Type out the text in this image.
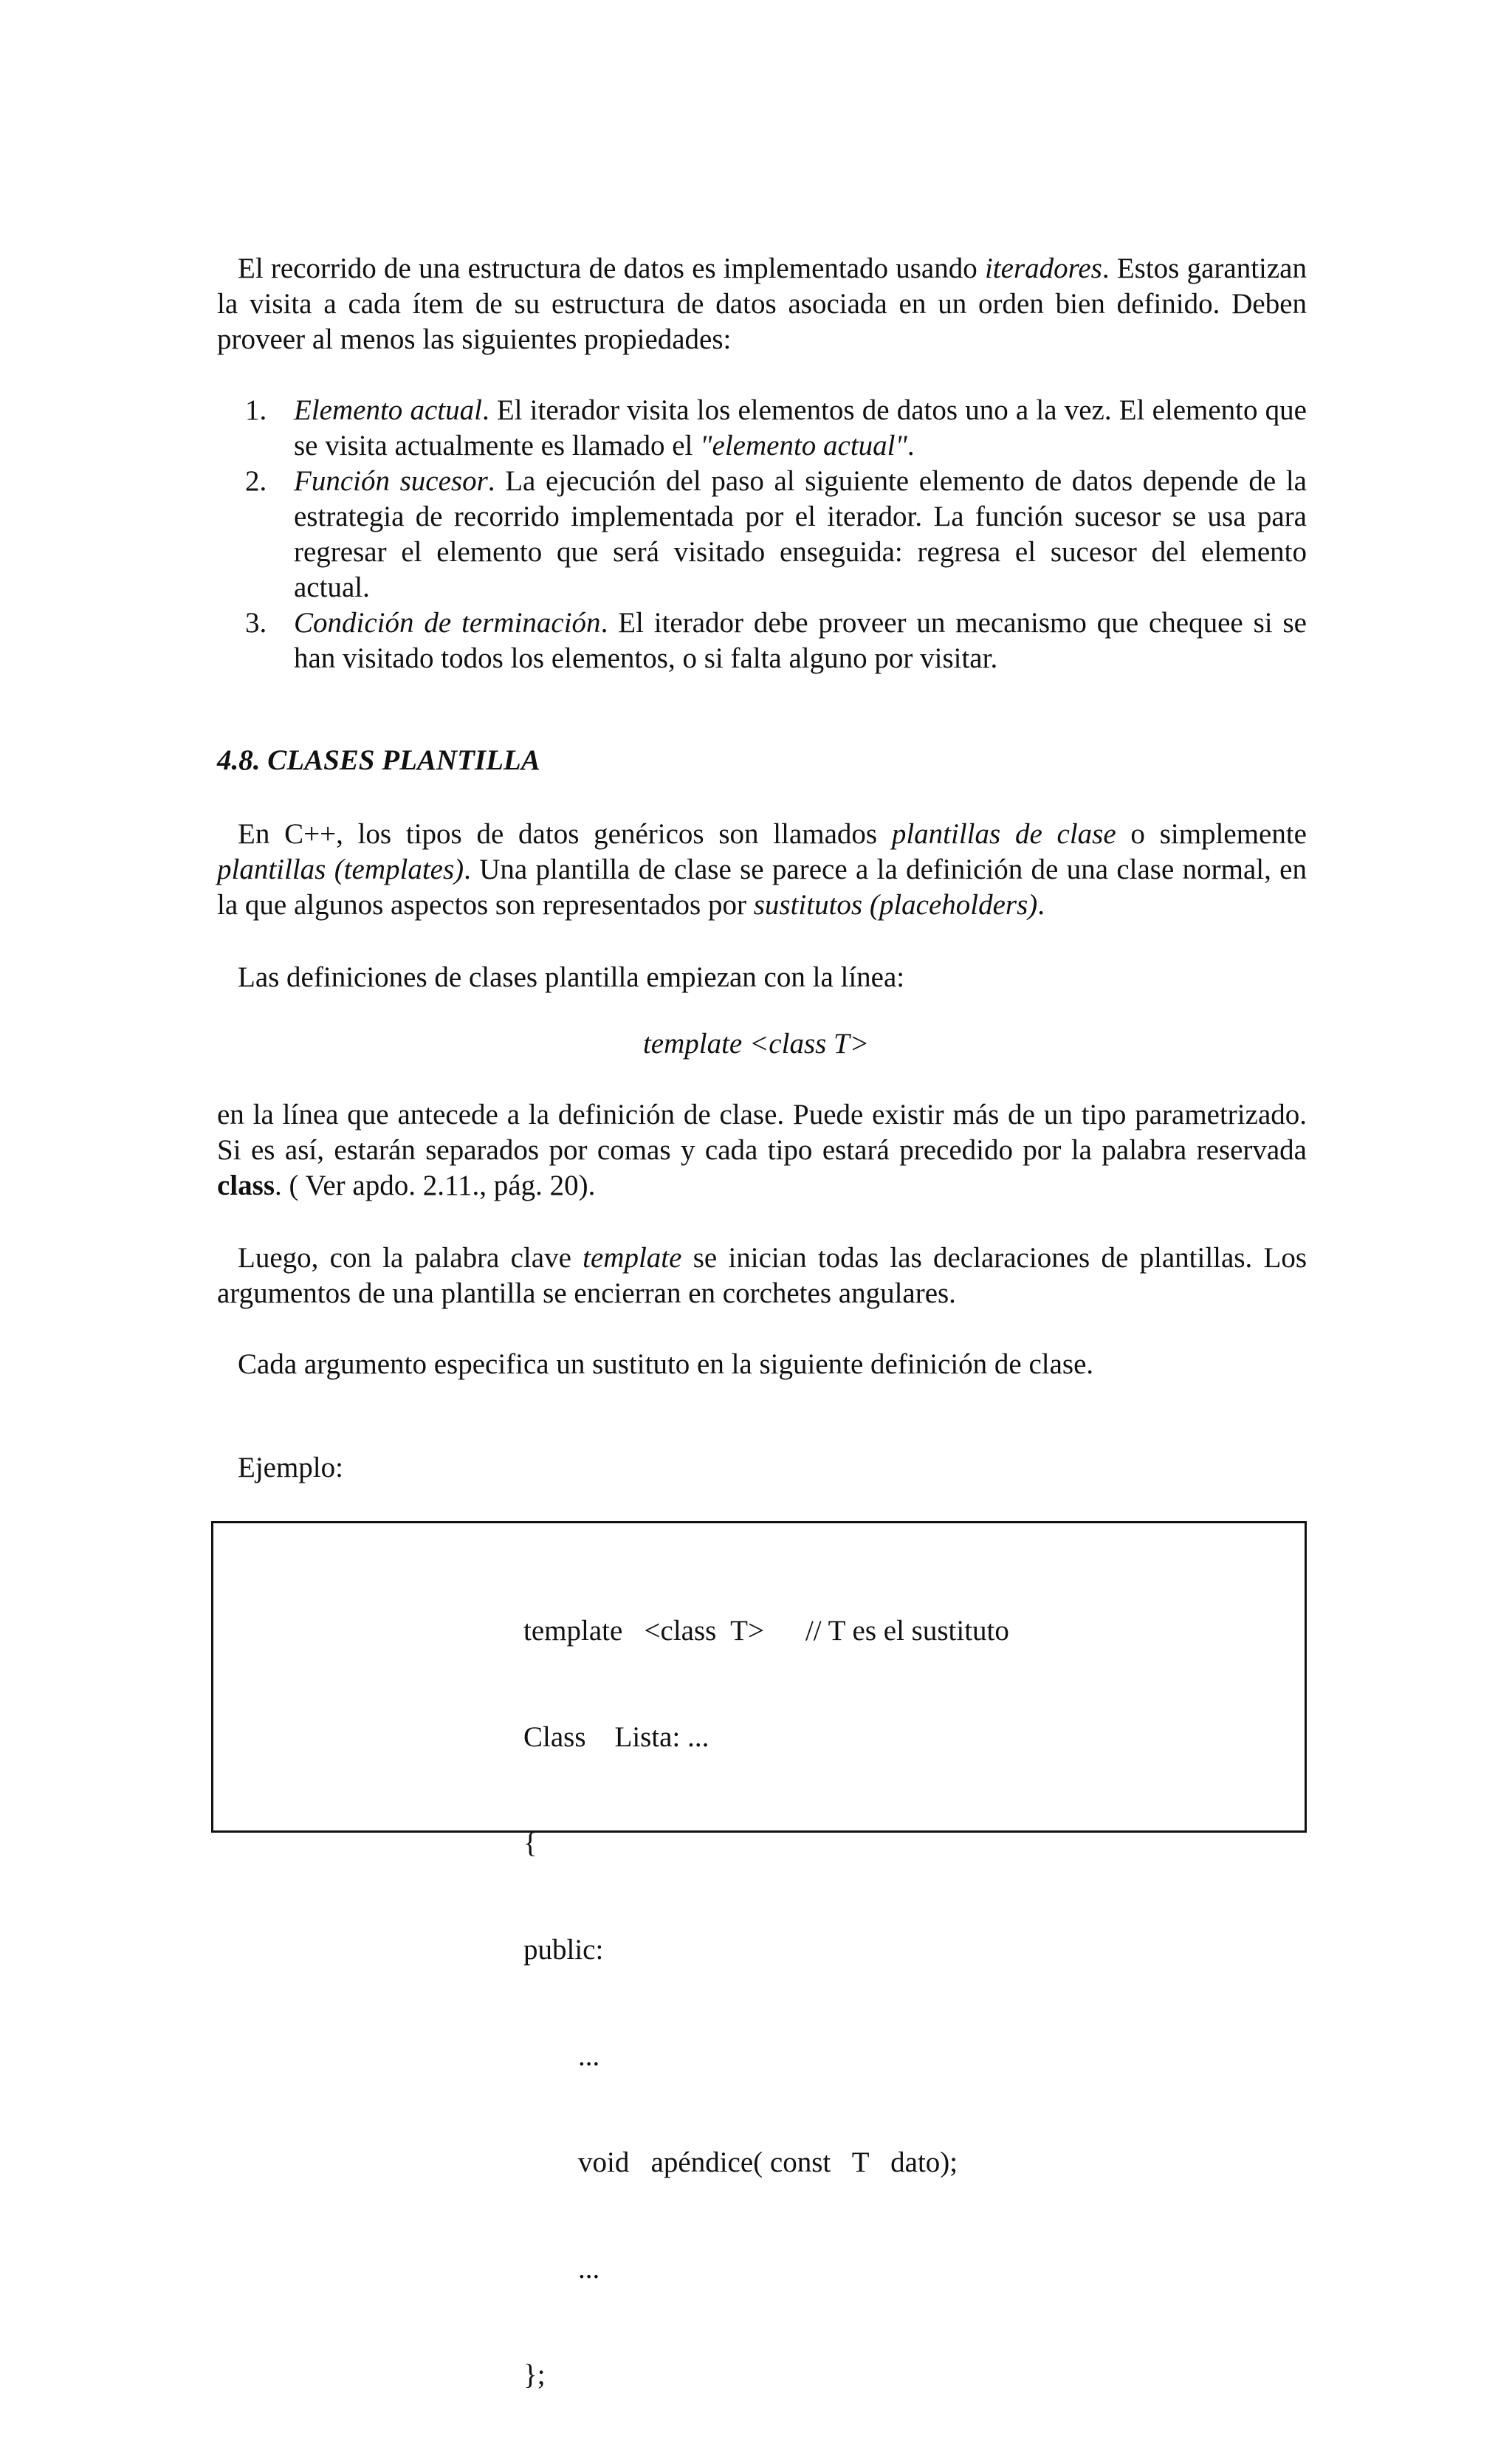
El recorrido de una estructura de datos es implementado usando iteradores. Estos garantizan la visita a cada ítem de su estructura de datos asociada en un orden bien definido. Deben proveer al menos las siguientes propiedades:

1. Elemento actual. El iterador visita los elementos de datos uno a la vez. El elemento que se visita actualmente es llamado el "elemento actual".
2. Función sucesor. La ejecución del paso al siguiente elemento de datos depende de la estrategia de recorrido implementada por el iterador. La función sucesor se usa para regresar el elemento que será visitado enseguida: regresa el sucesor del elemento actual.
3. Condición de terminación. El iterador debe proveer un mecanismo que chequee si se han visitado todos los elementos, o si falta alguno por visitar.
4.8. CLASES PLANTILLA

En C++, los tipos de datos genéricos son llamados plantillas de clase o simplemente plantillas (templates). Una plantilla de clase se parece a la definición de una clase normal, en la que algunos aspectos son representados por sustitutos (placeholders).

Las definiciones de clases plantilla empiezan con la línea:

template <class T>

en la línea que antecede a la definición de clase. Puede existir más de un tipo parametrizado. Si es así, estarán separados por comas y cada tipo estará precedido por la palabra reservada class. ( Ver apdo. 2.11., pág. 20).

Luego, con la palabra clave template se inician todas las declaraciones de plantillas. Los argumentos de una plantilla se encierran en corchetes angulares.

Cada argumento especifica un sustituto en la siguiente definición de clase.

Ejemplo:

template   <class  T> // T es el sustituto

Class    Lista: ...

{

public:

...

void   apéndice( const   T   dato);

...

};
